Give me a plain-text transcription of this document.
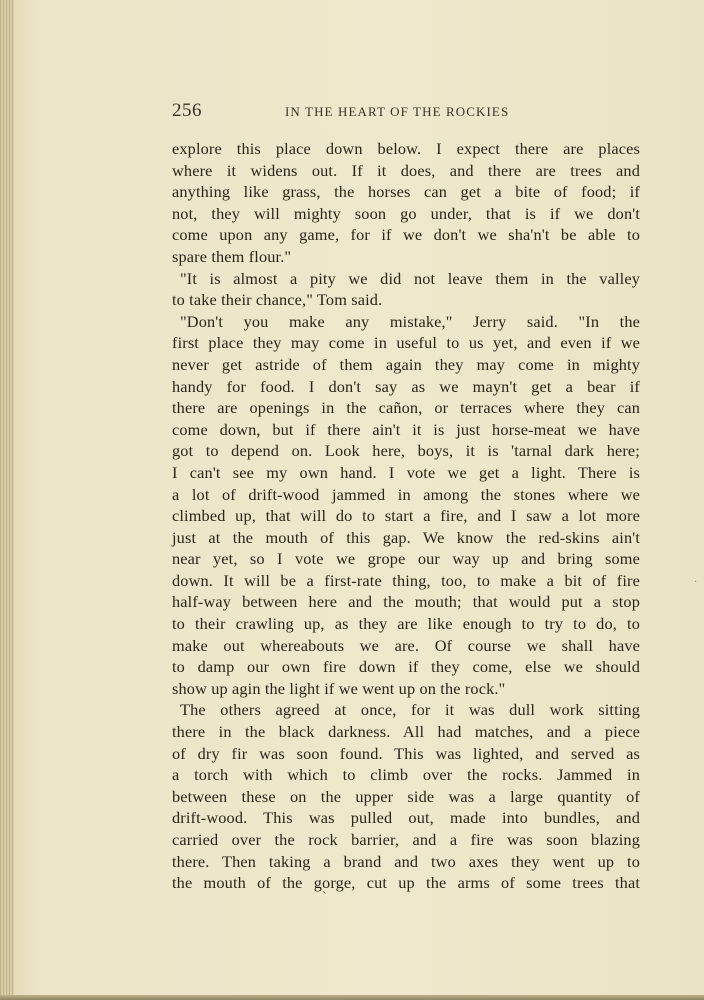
256	IN THE HEART OF THE ROCKIES
explore this place down below. I expect there are places
where it widens out. If it does, and there are trees and
anything like grass, the horses can get a bite of food; if
not, they will mighty soon go under, that is if we don't
come upon any game, for if we don't we sha'n't be able to
spare them flour."
"It is almost a pity we did not leave them in the valley
to take their chance," Tom said.
"Don't you make any mistake," Jerry said. "In the
first place they may come in useful to us yet, and even if we
never get astride of them again they may come in mighty
handy for food. I don't say as we mayn't get a bear if
there are openings in the cañon, or terraces where they can
come down, but if there ain't it is just horse-meat we have
got to depend on. Look here, boys, it is 'tarnal dark here;
I can't see my own hand. I vote we get a light. There is
a lot of drift-wood jammed in among the stones where we
climbed up, that will do to start a fire, and I saw a lot more
just at the mouth of this gap. We know the red-skins ain't
near yet, so I vote we grope our way up and bring some
down. It will be a first-rate thing, too, to make a bit of fire
half-way between here and the mouth; that would put a stop
to their crawling up, as they are like enough to try to do, to
make out whereabouts we are. Of course we shall have
to damp our own fire down if they come, else we should
show up agin the light if we went up on the rock."
The others agreed at once, for it was dull work sitting
there in the black darkness. All had matches, and a piece
of dry fir was soon found. This was lighted, and served as
a torch with which to climb over the rocks. Jammed in
between these on the upper side was a large quantity of
drift-wood. This was pulled out, made into bundles, and
carried over the rock barrier, and a fire was soon blazing
there. Then taking a brand and two axes they went up to
the mouth of the gorge, cut up the arms of some trees that
·
ˋ
